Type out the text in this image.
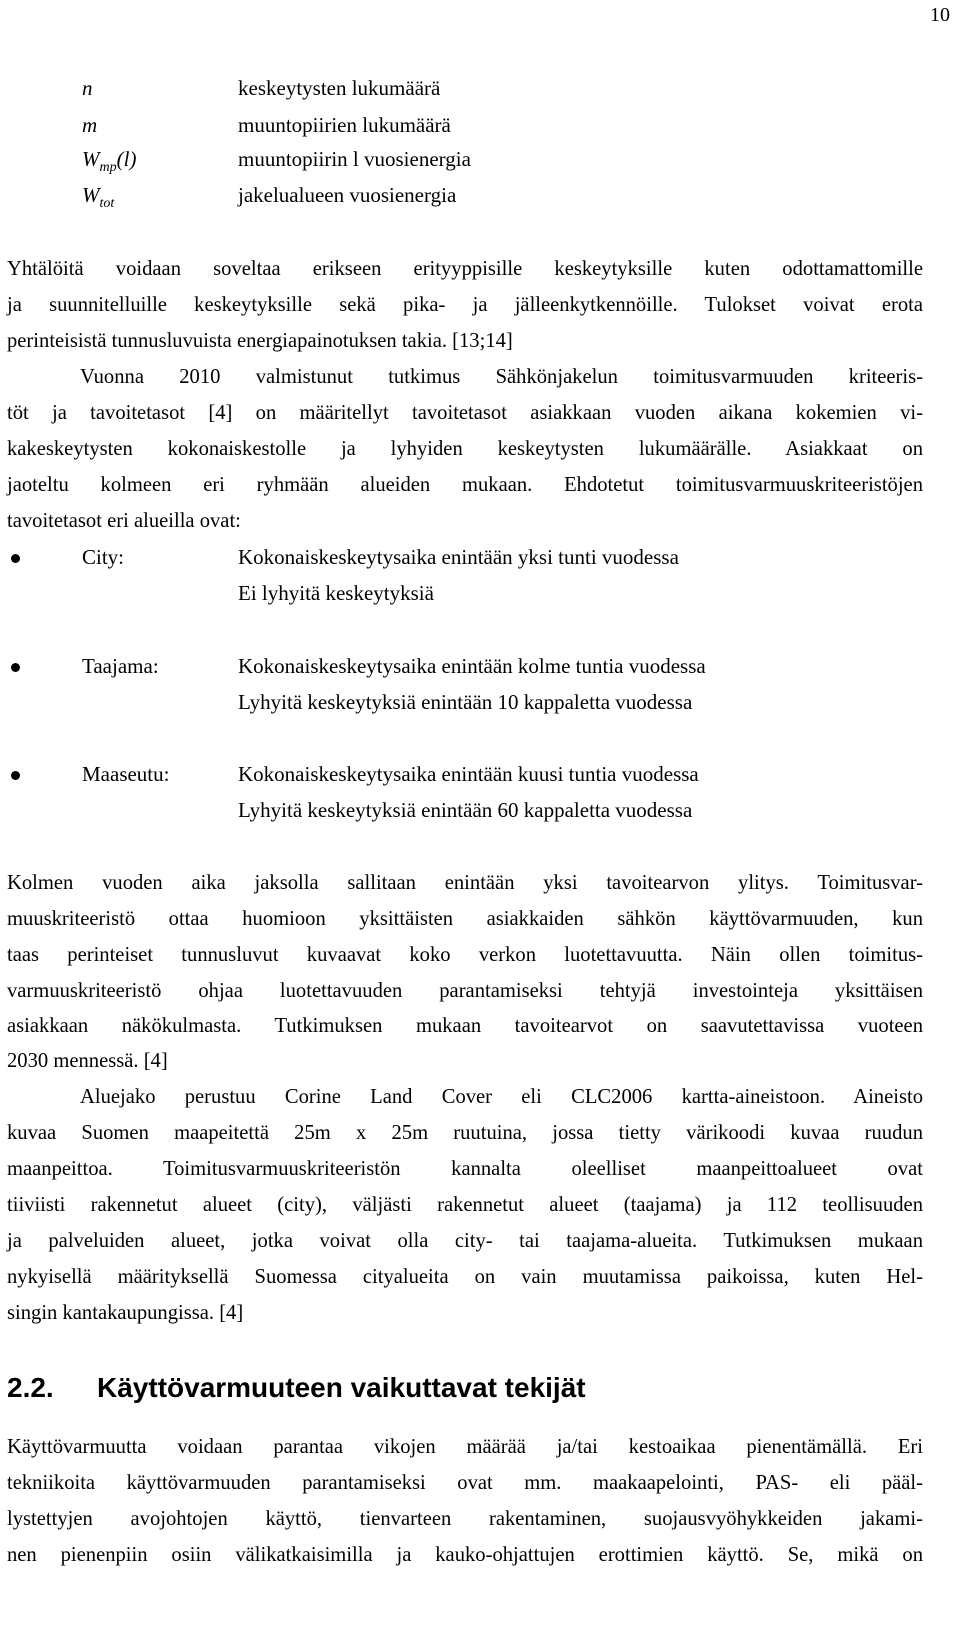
10
n	keskeytysten lukumäärä
m	muuntopiirien lukumäärä
$W_{mp}(l)$	muuntopiirin l vuosienergia
$W_{tot}$	jakelualueen vuosienergia
Yhtälöitä voidaan soveltaa erikseen erityyppisille keskeytyksille kuten odottamattomille
ja suunnitelluille keskeytyksille sekä pika- ja jälleenkytkennöille. Tulokset voivat erota
perinteisistä tunnusluvuista energiapainotuksen takia. [13;14]
Vuonna 2010 valmistunut tutkimus Sähkönjakelun toimitusvarmuuden kriteeris-
töt ja tavoitetasot [4] on määritellyt tavoitetasot asiakkaan vuoden aikana kokemien vi-
kakeskeytysten kokonaiskestolle ja lyhyiden keskeytysten lukumäärälle. Asiakkaat on
jaoteltu kolmeen eri ryhmään alueiden mukaan. Ehdotetut toimitusvarmuuskriteeristöjen
tavoitetasot eri alueilla ovat:
City:	Kokonaiskeskeytysaika enintään yksi tunti vuodessa
Ei lyhyitä keskeytyksiä
Taajama:	Kokonaiskeskeytysaika enintään kolme tuntia vuodessa
Lyhyitä keskeytyksiä enintään 10 kappaletta vuodessa
Maaseutu:	Kokonaiskeskeytysaika enintään kuusi tuntia vuodessa
Lyhyitä keskeytyksiä enintään 60 kappaletta vuodessa
Kolmen vuoden aika jaksolla sallitaan enintään yksi tavoitearvon ylitys. Toimitusvar-
muuskriteeristö ottaa huomioon yksittäisten asiakkaiden sähkön käyttövarmuuden, kun
taas perinteiset tunnusluvut kuvaavat koko verkon luotettavuutta. Näin ollen toimitus-
varmuuskriteeristö ohjaa luotettavuuden parantamiseksi tehtyjä investointeja yksittäisen
asiakkaan näkökulmasta. Tutkimuksen mukaan tavoitearvot on saavutettavissa vuoteen
2030 mennessä. [4]
Aluejako perustuu Corine Land Cover eli CLC2006 kartta-aineistoon. Aineisto
kuvaa Suomen maapeitettä 25m x 25m ruutuina, jossa tietty värikoodi kuvaa ruudun
maanpeittoa. Toimitusvarmuuskriteeristön kannalta oleelliset maanpeittoalueet ovat
tiiviisti rakennetut alueet (city), väljästi rakennetut alueet (taajama) ja 112 teollisuuden
ja palveluiden alueet, jotka voivat olla city- tai taajama-alueita. Tutkimuksen mukaan
nykyisellä määrityksellä Suomessa cityalueita on vain muutamissa paikoissa, kuten Hel-
singin kantakaupungissa. [4]
2.2. Käyttövarmuuteen vaikuttavat tekijät
Käyttövarmuutta voidaan parantaa vikojen määrää ja/tai kestoaikaa pienentämällä. Eri
tekniikoita käyttövarmuuden parantamiseksi ovat mm. maakaapelointi, PAS- eli pääl-
lystettyjen avojohtojen käyttö, tienvarteen rakentaminen, suojausvyöhykkeiden jakami-
nen pienenpiin osiin välikatkaisimilla ja kauko-ohjattujen erottimien käyttö. Se, mikä on
